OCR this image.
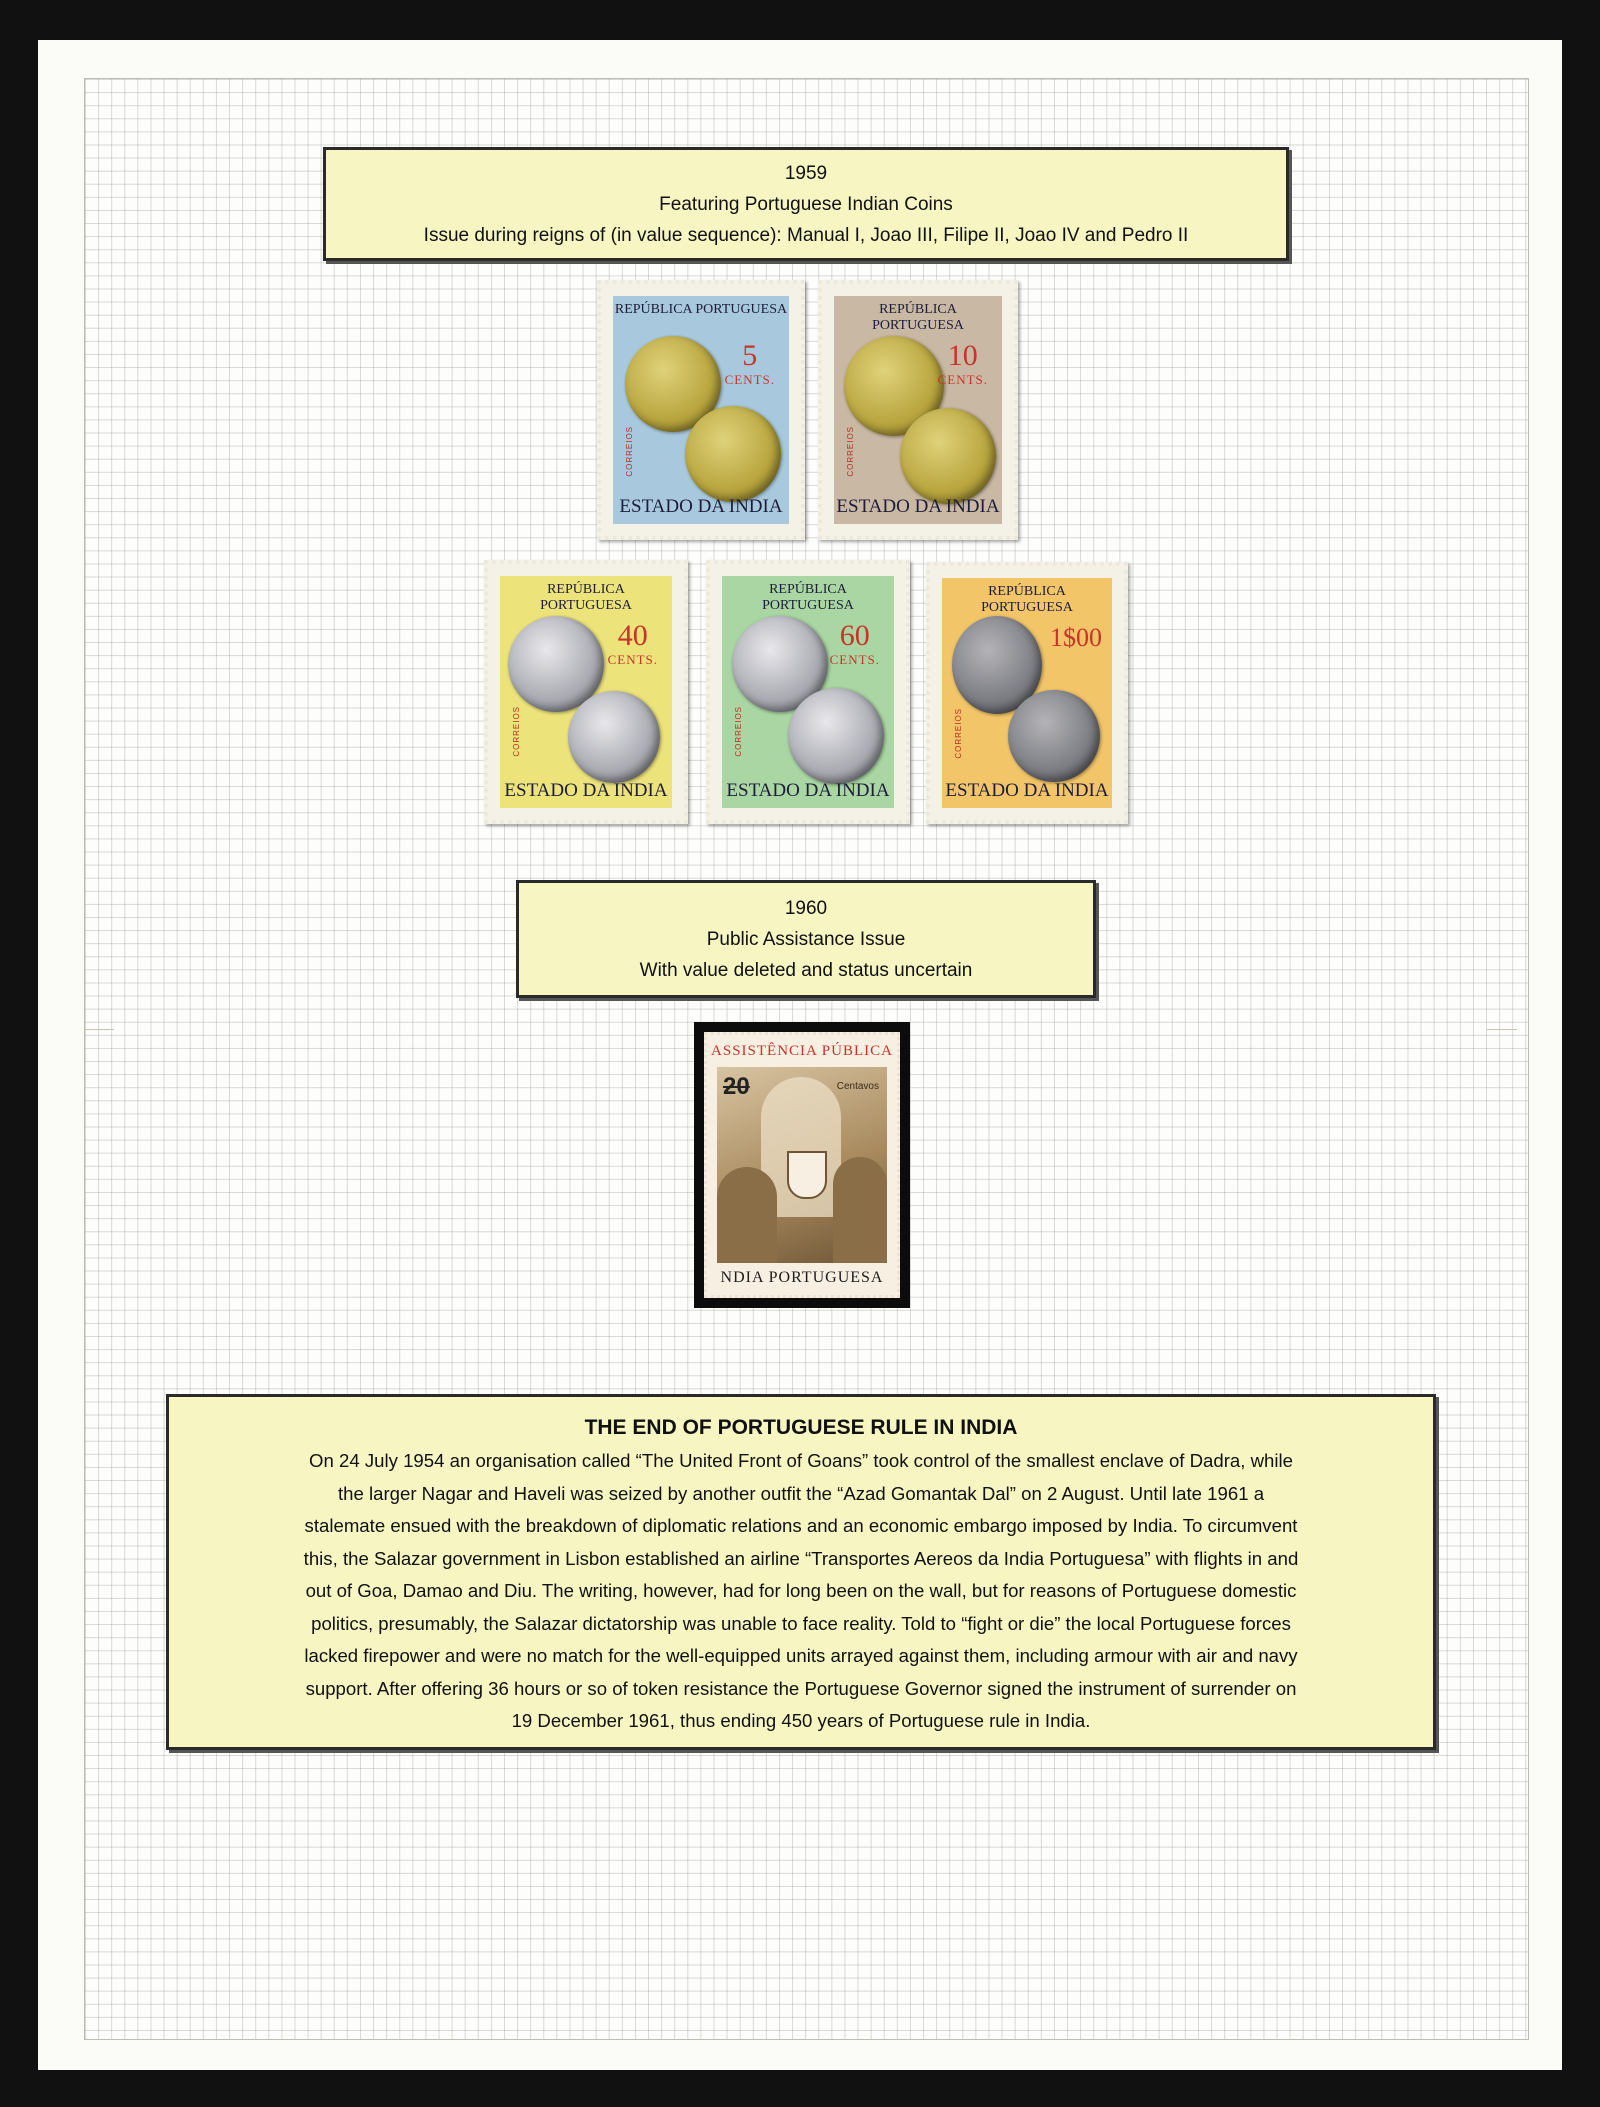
1959
Featuring Portuguese Indian Coins
Issue during reigns of (in value sequence): Manual I, Joao III, Filipe II, Joao IV and Pedro II
REPÚBLICA PORTUGUESA
5
CENTS.
CORREIOS
ESTADO DA INDIA
REPÚBLICA PORTUGUESA
10
CENTS.
CORREIOS
ESTADO DA INDIA
REPÚBLICA PORTUGUESA
40
CENTS.
CORREIOS
ESTADO DA INDIA
REPÚBLICA PORTUGUESA
60
CENTS.
CORREIOS
ESTADO DA INDIA
REPÚBLICA PORTUGUESA
1$00
CORREIOS
ESTADO DA INDIA
1960
Public Assistance Issue
With value deleted and status uncertain
ASSISTÊNCIA PÚBLICA
20	Centavos
NDIA PORTUGUESA
THE END OF PORTUGUESE RULE IN INDIA
On 24 July 1954 an organisation called “The United Front of Goans” took control of the smallest enclave of Dadra, while
the larger Nagar and Haveli was seized by another outfit the “Azad Gomantak Dal” on 2 August. Until late 1961 a
stalemate ensued with the breakdown of diplomatic relations and an economic embargo imposed by India. To circumvent
this, the Salazar government in Lisbon established an airline “Transportes Aereos da India Portuguesa” with flights in and
out of Goa, Damao and Diu. The writing, however, had for long been on the wall, but for reasons of Portuguese domestic
politics, presumably, the Salazar dictatorship was unable to face reality. Told to “fight or die” the local Portuguese forces
lacked firepower and were no match for the well-equipped units arrayed against them, including armour with air and navy
support. After offering 36 hours or so of token resistance the Portuguese Governor signed the instrument of surrender on
19 December 1961, thus ending 450 years of Portuguese rule in India.
